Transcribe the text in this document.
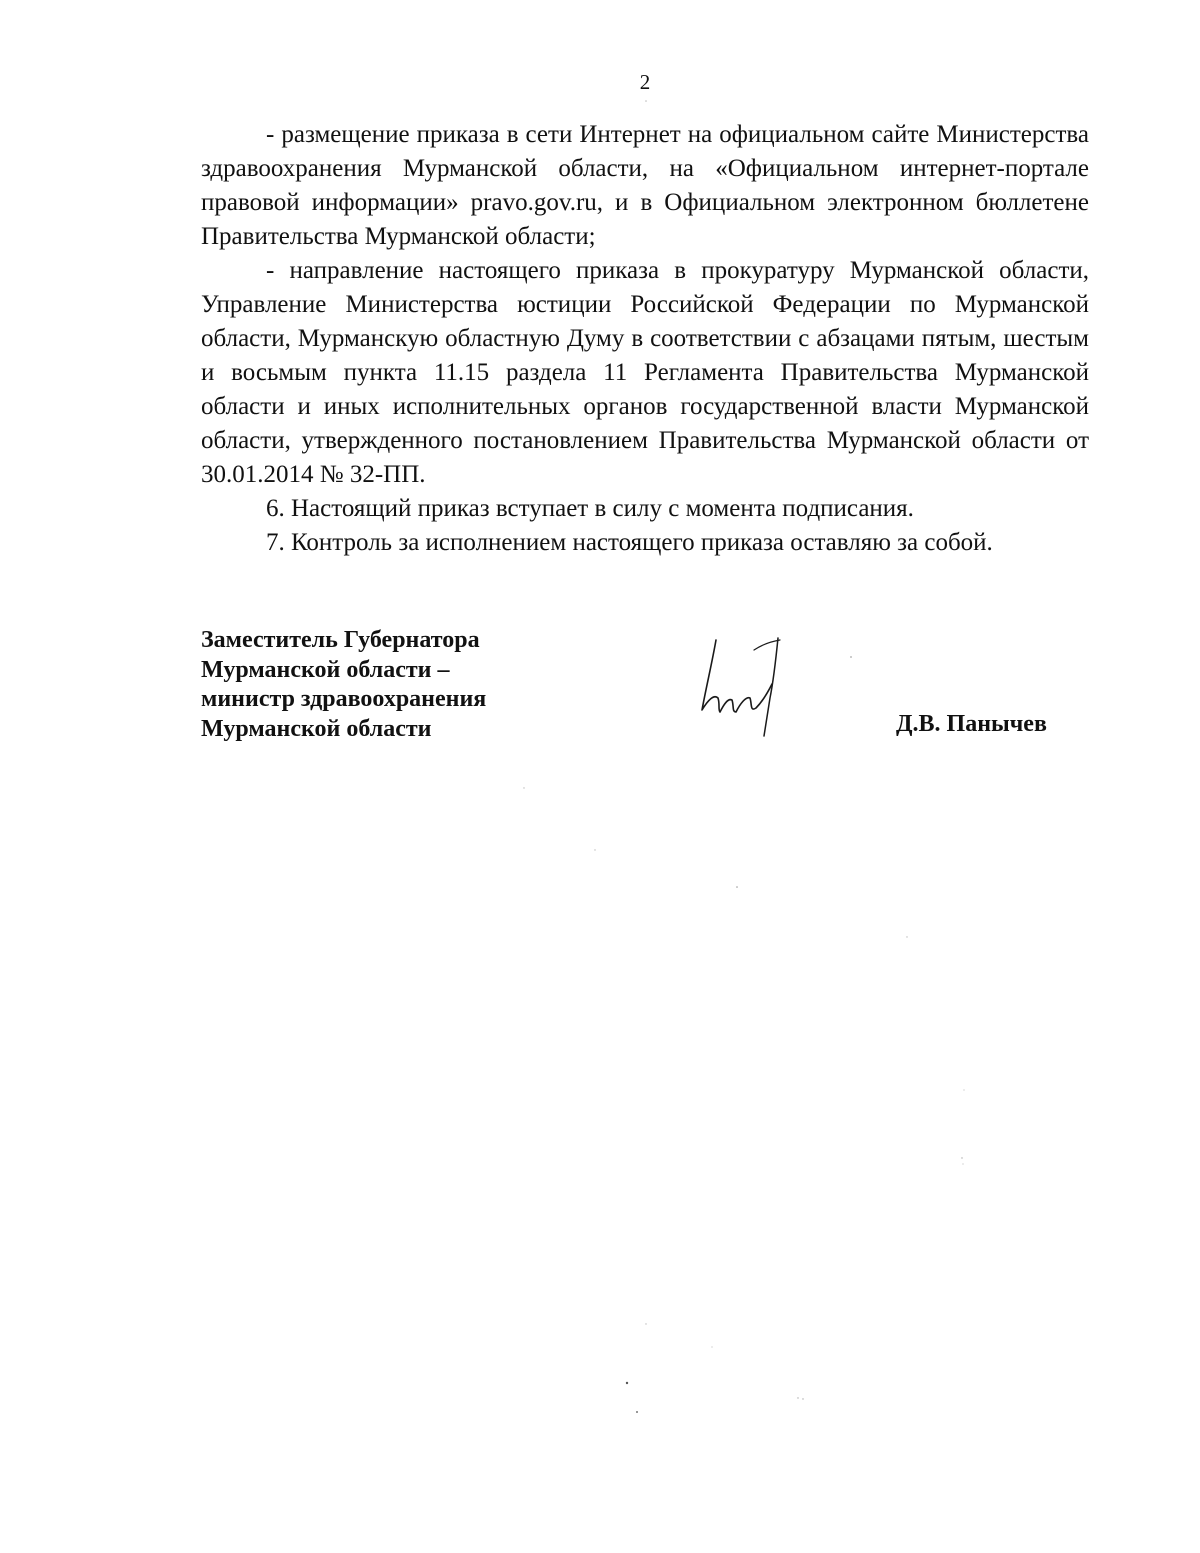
2

- размещение приказа в сети Интернет на официальном сайте Министерства здравоохранения Мурманской области, на «Официальном интернет-портале правовой информации» pravo.gov.ru, и в Официальном электронном бюллетене Правительства Мурманской области;

- направление настоящего приказа в прокуратуру Мурманской области, Управление Министерства юстиции Российской Федерации по Мурманской области, Мурманскую областную Думу в соответствии с абзацами пятым, шестым и восьмым пункта 11.15 раздела 11 Регламента Правительства Мурманской области и иных исполнительных органов государственной власти Мурманской области, утвержденного постановлением Правительства Мурманской области от 30.01.2014 № 32-ПП.

6. Настоящий приказ вступает в силу с момента подписания.

7. Контроль за исполнением настоящего приказа оставляю за собой.

Заместитель Губернатора
Мурманской области –
министр здравоохранения
Мурманской области	Д.В. Панычев
